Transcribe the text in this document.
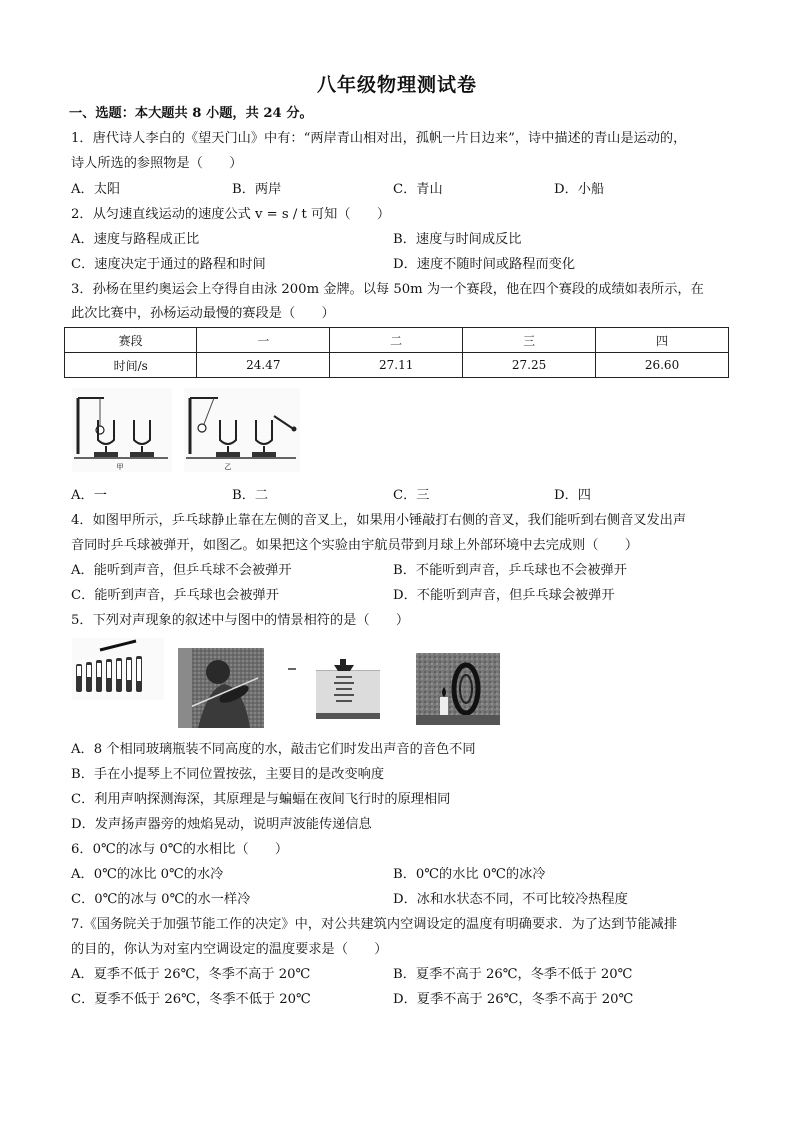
八年级物理测试卷
一、选题：本大题共 8 小题，共 24 分。
1．唐代诗人李白的《望天门山》中有：“两岸青山相对出，孤帆一片日边来”，诗中描述的青山是运动的，
诗人所选的参照物是（　　）
A．太阳	B．两岸	C．青山	D．小船
2．从匀速直线运动的速度公式 v = s / t 可知（　　）
A．速度与路程成正比	B．速度与时间成反比
C．速度决定于通过的路程和时间	D．速度不随时间或路程而变化
3．孙杨在里约奥运会上夺得自由泳 200m 金牌。以每 50m 为一个赛段，他在四个赛段的成绩如表所示，在
此次比赛中，孙杨运动最慢的赛段是（　　）
赛段	一	二	三	四
时间/s	24.47	27.11	27.25	26.60
甲	乙
A．一	B．二	C．三	D．四
4．如图甲所示，乒乓球静止靠在左侧的音叉上，如果用小锤敲打右侧的音叉，我们能听到右侧音叉发出声
音同时乒乓球被弹开，如图乙。如果把这个实验由宇航员带到月球上外部环境中去完成则（　　）
A．能听到声音，但乒乓球不会被弹开	B．不能听到声音，乒乓球也不会被弹开
C．能听到声音，乒乓球也会被弹开	D．不能听到声音，但乒乓球会被弹开
5．下列对声现象的叙述中与图中的情景相符的是（　　）
A．8 个相同玻璃瓶装不同高度的水，敲击它们时发出声音的音色不同
B．手在小提琴上不同位置按弦，主要目的是改变响度
C．利用声呐探测海深，其原理是与蝙蝠在夜间飞行时的原理相同
D．发声扬声器旁的烛焰晃动，说明声波能传递信息
6．0℃的冰与 0℃的水相比（　　）
A．0℃的冰比 0℃的水冷	B．0℃的水比 0℃的冰冷
C．0℃的冰与 0℃的水一样冷	D．冰和水状态不同，不可比较冷热程度
7.《国务院关于加强节能工作的决定》中，对公共建筑内空调设定的温度有明确要求．为了达到节能减排
的目的，你认为对室内空调设定的温度要求是（　　）
A．夏季不低于 26℃，冬季不高于 20℃	B．夏季不高于 26℃，冬季不低于 20℃
C．夏季不低于 26℃，冬季不低于 20℃	D．夏季不高于 26℃，冬季不高于 20℃
